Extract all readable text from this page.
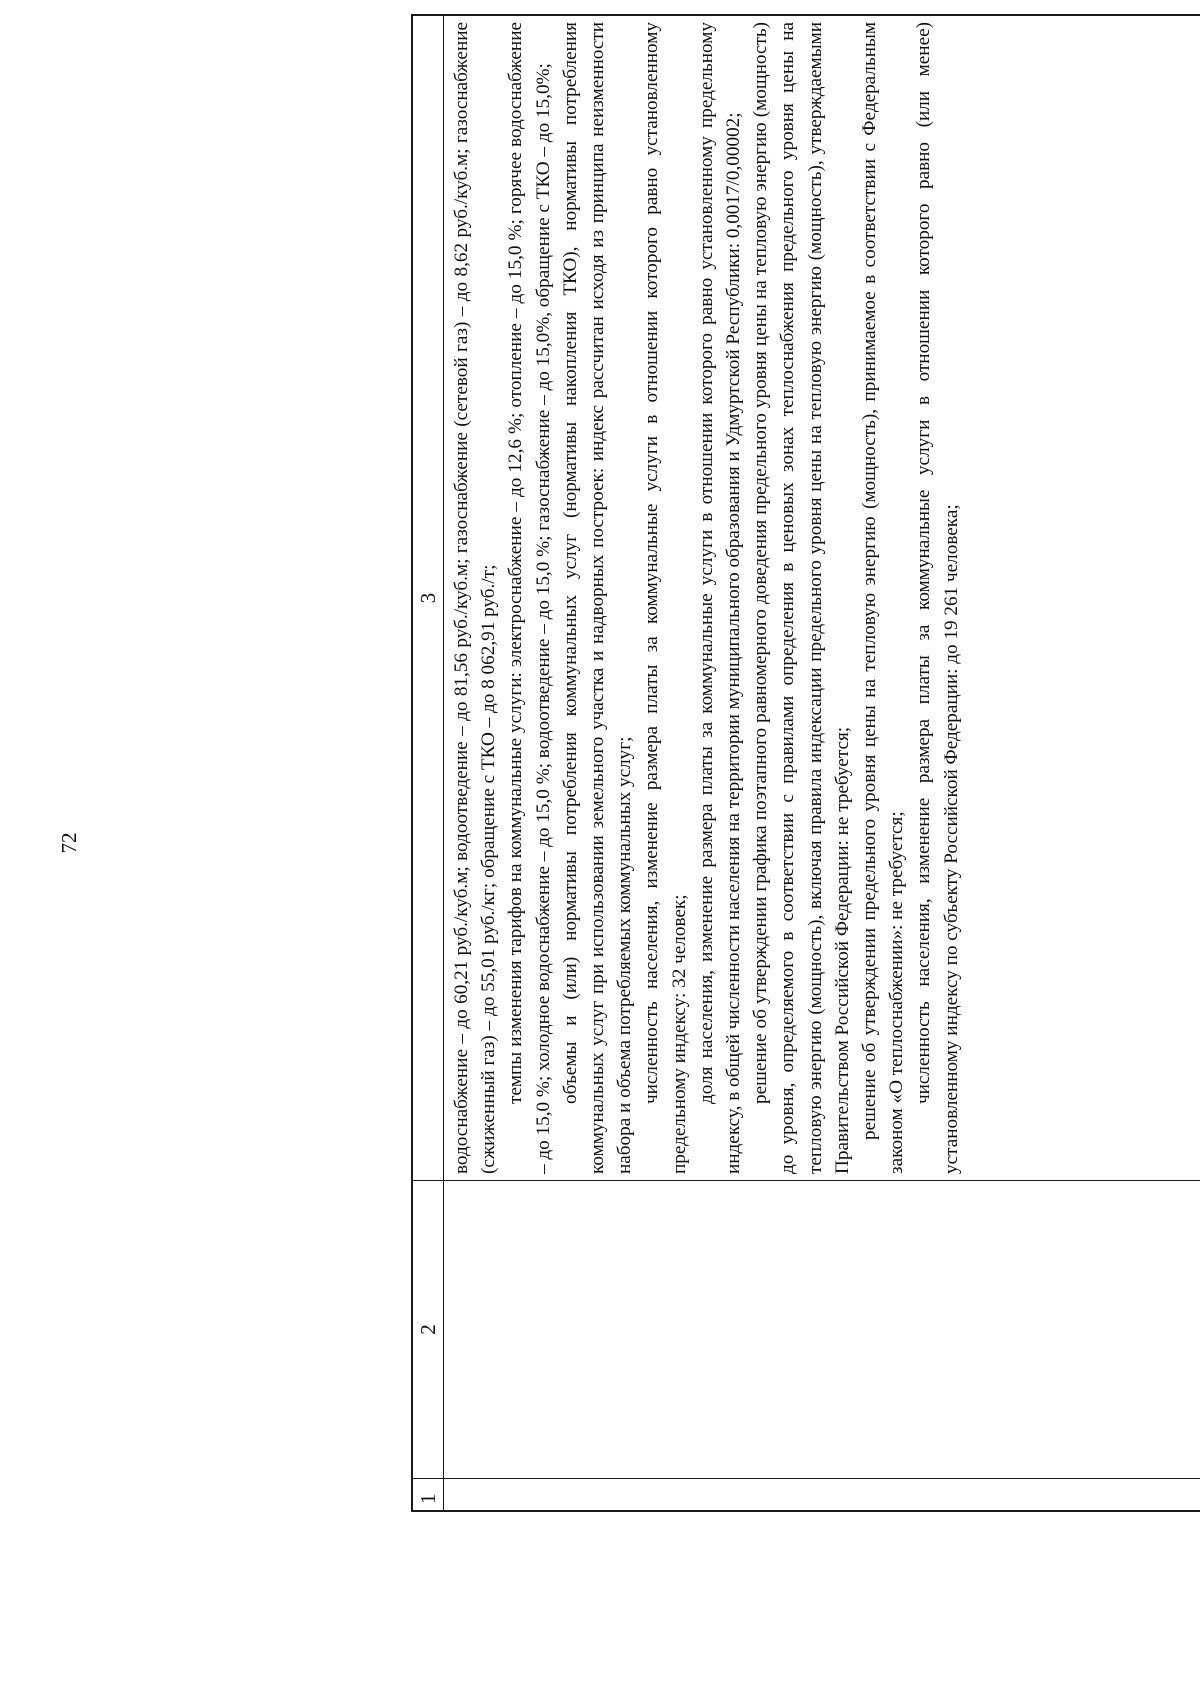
72
1
2
3 водоснабжение – до 60,21 руб./куб.м; водоотведение – до 81,56 руб./куб.м; газоснабжение (сетевой газ) – до 8,62 руб./куб.м; газоснабжение (сжиженный газ) – до 55,01 руб./кг; обращение с ТКО – до 8 062,91 руб./т; темпы изменения тарифов на коммунальные услуги: электроснабжение – до 12,6 %; отопление – до 15,0 %; горячее водоснабжение – до 15,0 %; холодное водоснабжение – до 15,0 %; водоотведение – до 15,0 %; газоснабжение – до 15,0%, обращение с ТКО – до 15,0%; объемы и (или) нормативы потребления коммунальных услуг (нормативы накопления ТКО), нормативы потребления коммунальных услуг при использовании земельного участка и надворных построек: индекс рассчитан исходя из принципа неизменности набора и объема потребляемых коммунальных услуг; численность населения, изменение размера платы за коммунальные услуги в отношении которого равно установленному предельному индексу: 32 человек; доля населения, изменение размера платы за коммунальные услуги в отношении которого равно установленному предельному индексу, в общей численности населения на территории муниципального образования и Удмуртской Республики: 0,0017/0,00002; решение об утверждении графика поэтапного равномерного доведения предельного уровня цены на тепловую энергию (мощность) до уровня, определяемого в соответствии с правилами определения в ценовых зонах теплоснабжения предельного уровня цены на тепловую энергию (мощность), включая правила индексации предельного уровня цены на тепловую энергию (мощность), утверждаемыми Правительством Российской Федерации: не требуется; решение об утверждении предельного уровня цены на тепловую энергию (мощность), принимаемое в соответствии с Федеральным законом «О теплоснабжении»: не требуется; численность населения, изменение размера платы за коммунальные услуги в отношении которого равно (или менее) установленному индексу по субъекту Российской Федерации: до 19 261 человека;
